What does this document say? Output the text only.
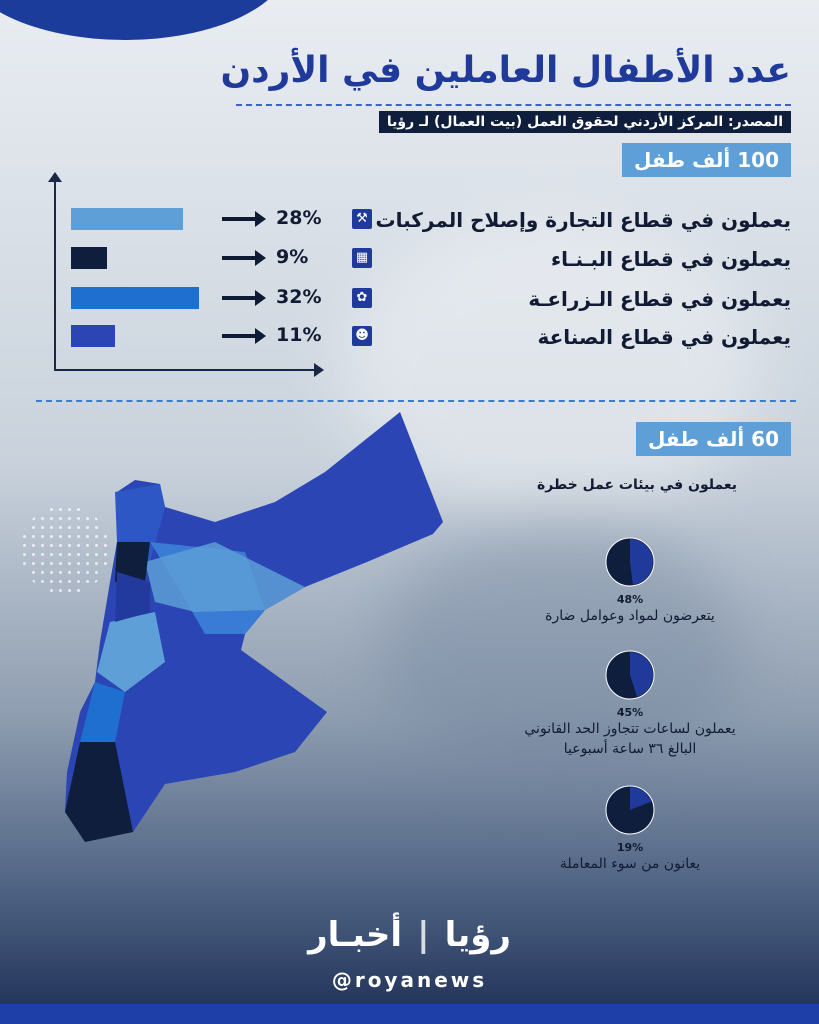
عدد الأطفال العاملين في الأردن
المصدر: المركز الأردني لحقوق العمل (بيت العمال) لـ رؤيا
100 ألف طفل
28%	⚒ يعملون في قطاع التجارة وإصلاح المركبات
9%	▦	يعملون في قطاع البـنـاء
32%	✿	يعملون في قطاع الـزراعـة
11%	☻	يعملون في قطاع الصناعة
60 ألف طفل
يعملون في بيئات عمل خطرة
48%
يتعرضون لمواد وعوامل ضارة
45%
يعملون لساعات تتجاوز الحد القانوني
البالغ ٣٦ ساعة أسبوعيا
19%
يعانون من سوء المعاملة
رؤيا | أخبـار
@royanews
